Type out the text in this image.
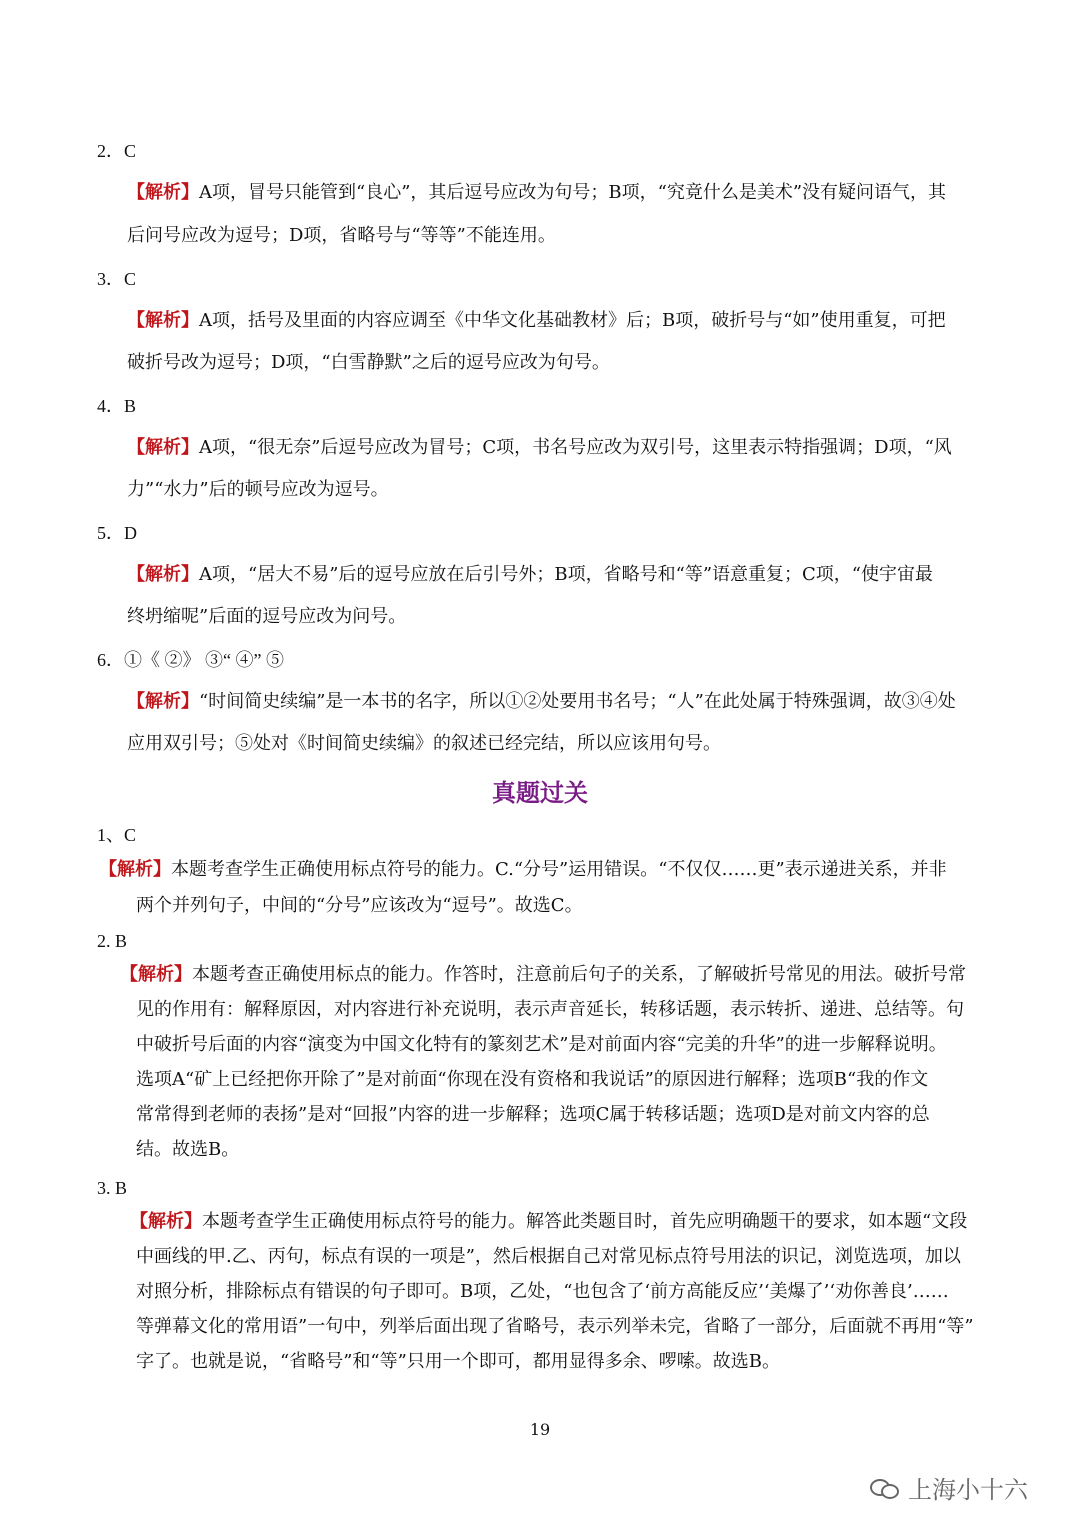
2．C
【解析】A项，冒号只能管到“良心”，其后逗号应改为句号；B项，“究竟什么是美术”没有疑问语气，其
后问号应改为逗号；D项，省略号与“等等”不能连用。
3．C
【解析】A项，括号及里面的内容应调至《中华文化基础教材》后；B项，破折号与“如”使用重复，可把
破折号改为逗号；D项，“白雪静默”之后的逗号应改为句号。
4．B
【解析】A项，“很无奈”后逗号应改为冒号；C项，书名号应改为双引号，这里表示特指强调；D项，“风
力”“水力”后的顿号应改为逗号。
5．D
【解析】A项，“居大不易”后的逗号应放在后引号外；B项，省略号和“等”语意重复；C项，“使宇宙最
终坍缩呢”后面的逗号应改为问号。
6．①《 ②》 ③“ ④” ⑤
【解析】“时间简史续编”是一本书的名字，所以①②处要用书名号；“人”在此处属于特殊强调，故③④处
应用双引号；⑤处对《时间简史续编》的叙述已经完结，所以应该用句号。
真题过关
1、C
【解析】本题考查学生正确使用标点符号的能力。C.“分号”运用错误。“不仅仅……更”表示递进关系，并非
两个并列句子，中间的“分号”应该改为“逗号”。故选C。
2. B
【解析】本题考查正确使用标点的能力。作答时，注意前后句子的关系，了解破折号常见的用法。破折号常
见的作用有：解释原因，对内容进行补充说明，表示声音延长，转移话题，表示转折、递进、总结等。句
中破折号后面的内容“演变为中国文化特有的篆刻艺术”是对前面内容“完美的升华”的进一步解释说明。
选项A“矿上已经把你开除了”是对前面“你现在没有资格和我说话”的原因进行解释；选项B“我的作文
常常得到老师的表扬”是对“回报”内容的进一步解释；选项C属于转移话题；选项D是对前文内容的总
结。故选B。
3. B
【解析】本题考查学生正确使用标点符号的能力。解答此类题目时，首先应明确题干的要求，如本题“文段
中画线的甲.乙、丙句，标点有误的一项是”，然后根据自己对常见标点符号用法的识记，浏览选项，加以
对照分析，排除标点有错误的句子即可。B项，乙处，“也包含了‘前方高能反应’‘美爆了’‘劝你善良’……
等弹幕文化的常用语”一句中，列举后面出现了省略号，表示列举未完，省略了一部分，后面就不再用“等”
字了。也就是说，“省略号”和“等”只用一个即可，都用显得多余、啰嗦。故选B。
19
上海小十六
